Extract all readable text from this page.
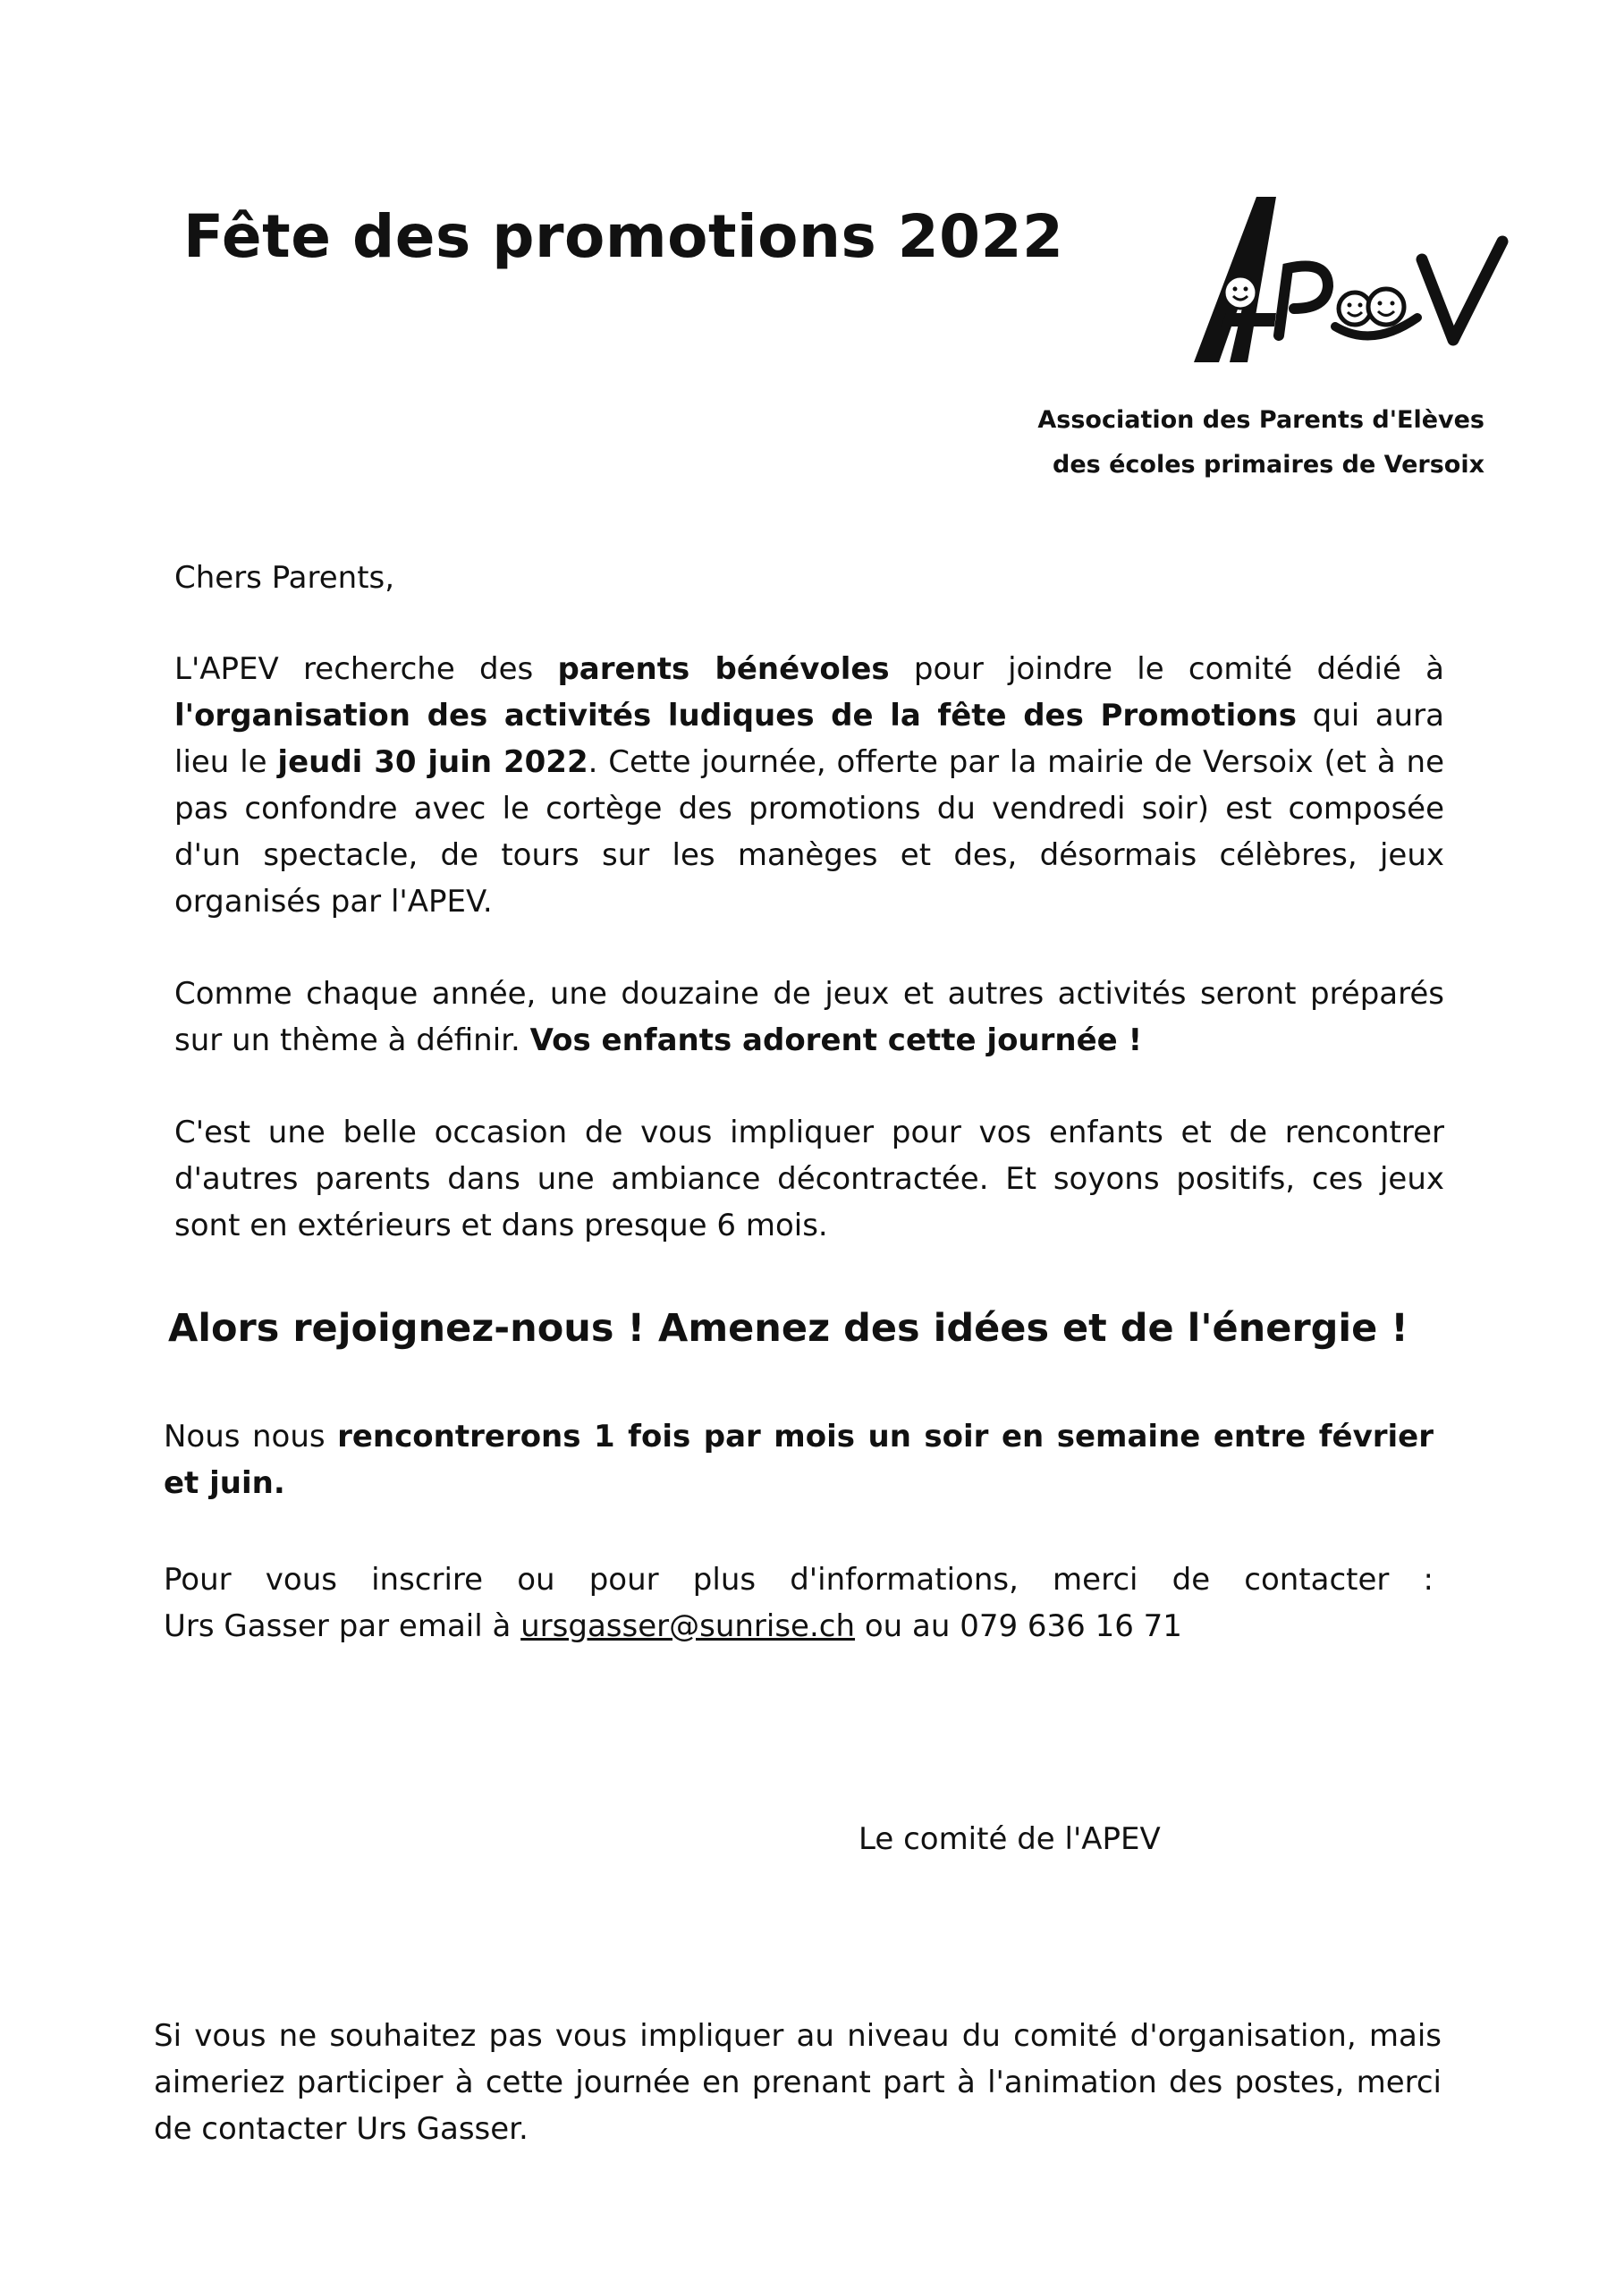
Fête des promotions 2022
Association des Parents d'Elèves
des écoles primaires de Versoix

Chers Parents,

L'APEV recherche des parents bénévoles pour joindre le comité dédié à l'organisation des activités ludiques de la fête des Promotions qui aura lieu le jeudi 30 juin 2022. Cette journée, offerte par la mairie de Versoix (et à ne pas confondre avec le cortège des promotions du vendredi soir) est composée d'un spectacle, de tours sur les manèges et des, désormais célèbres, jeux organisés par l'APEV.

Comme chaque année, une douzaine de jeux et autres activités seront préparés sur un thème à définir. Vos enfants adorent cette journée !

C'est une belle occasion de vous impliquer pour vos enfants et de rencontrer d'autres parents dans une ambiance décontractée. Et soyons positifs, ces jeux sont en extérieurs et dans presque 6 mois.

Alors rejoignez-nous ! Amenez des idées et de l'énergie !

Nous nous rencontrerons 1 fois par mois un soir en semaine entre février et juin.

Pour vous inscrire ou pour plus d'informations, merci de contacter :
Urs Gasser par email à ursgasser@sunrise.ch ou au 079 636 16 71

Le comité de l'APEV

Si vous ne souhaitez pas vous impliquer au niveau du comité d'organisation, mais aimeriez participer à cette journée en prenant part à l'animation des postes, merci de contacter Urs Gasser.
